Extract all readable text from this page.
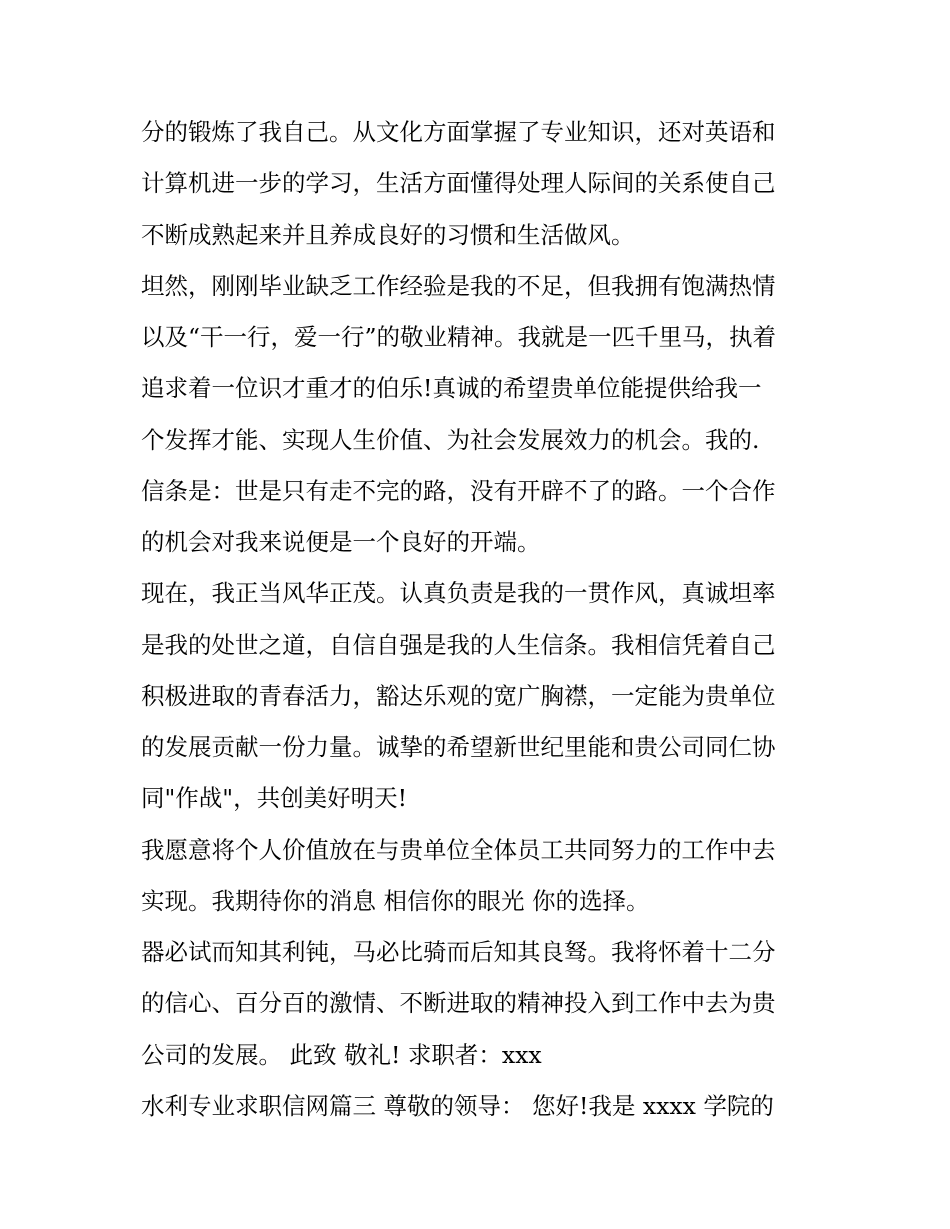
分的锻炼了我自己。从文化方面掌握了专业知识，还对英语和
计算机进一步的学习，生活方面懂得处理人际间的关系使自己
不断成熟起来并且养成良好的习惯和生活做风。
坦然，刚刚毕业缺乏工作经验是我的不足，但我拥有饱满热情
以及“干一行，爱一行”的敬业精神。我就是一匹千里马，执着
追求着一位识才重才的伯乐!真诚的希望贵单位能提供给我一
个发挥才能、实现人生价值、为社会发展效力的机会。我的.
信条是：世是只有走不完的路，没有开辟不了的路。一个合作
的机会对我来说便是一个良好的开端。
现在，我正当风华正茂。认真负责是我的一贯作风，真诚坦率
是我的处世之道，自信自强是我的人生信条。我相信凭着自己
积极进取的青春活力，豁达乐观的宽广胸襟，一定能为贵单位
的发展贡献一份力量。诚挚的希望新世纪里能和贵公司同仁协
同"作战"，共创美好明天!
我愿意将个人价值放在与贵单位全体员工共同努力的工作中去
实现。我期待你的消息 相信你的眼光 你的选择。
器必试而知其利钝，马必比骑而后知其良驽。我将怀着十二分
的信心、百分百的激情、不断进取的精神投入到工作中去为贵
公司的发展。 此致 敬礼! 求职者：xxx
水利专业求职信网篇三 尊敬的领导： 您好!我是 xxxx 学院的
